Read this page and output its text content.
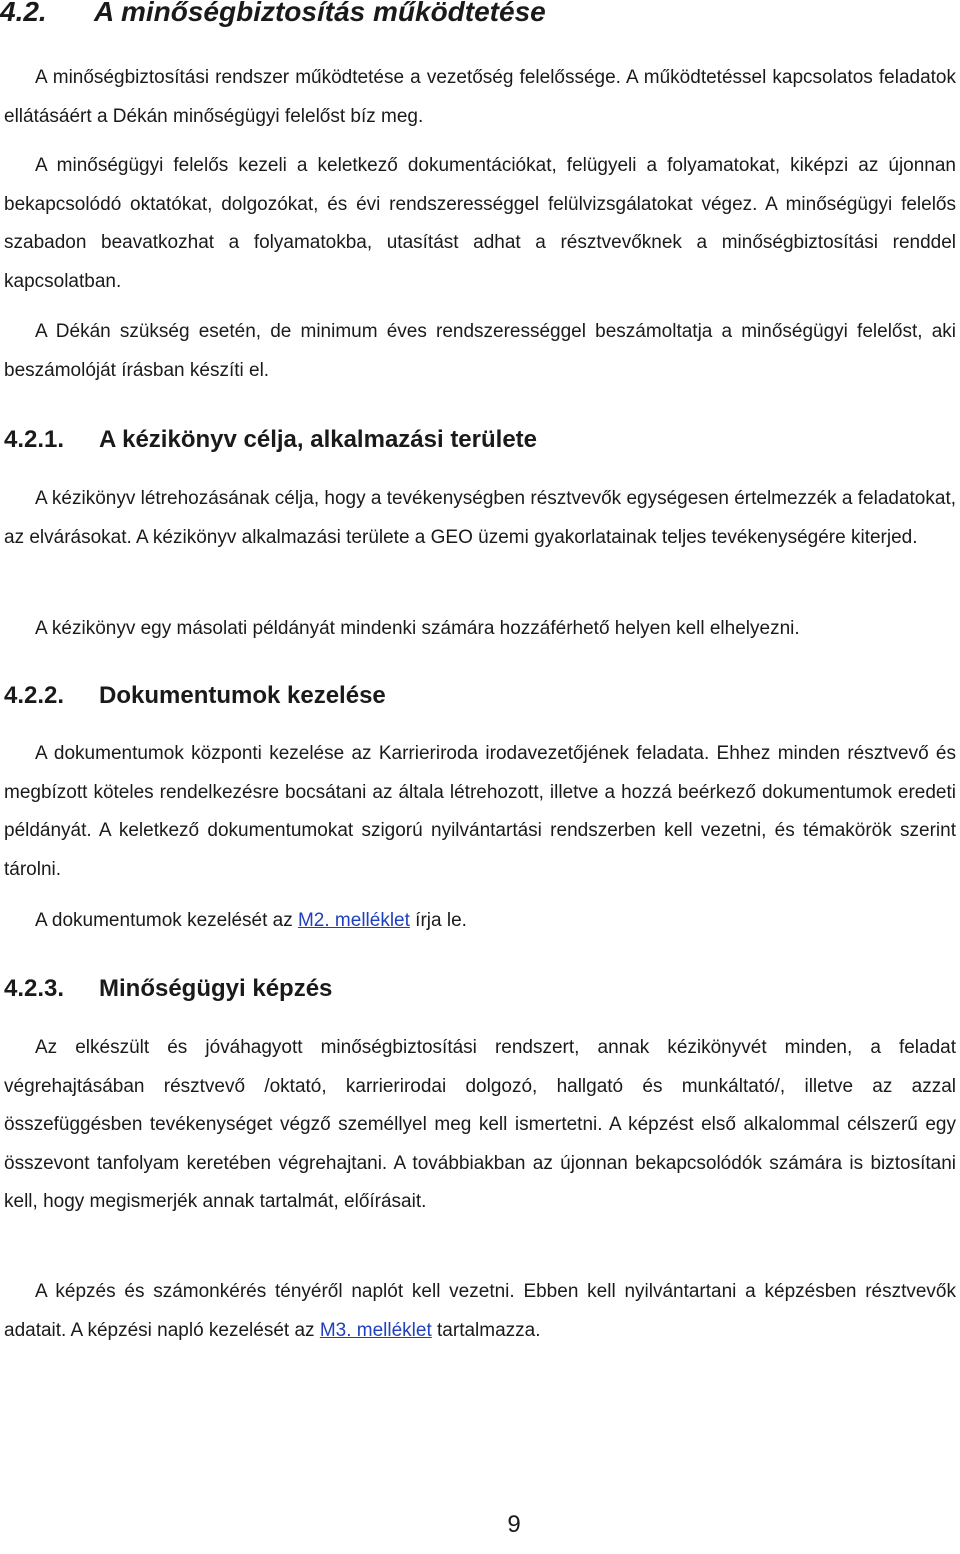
4.2. A minőségbiztosítás működtetése

A minőségbiztosítási rendszer működtetése a vezetőség felelőssége. A működtetéssel kapcsolatos feladatok ellátásáért a Dékán minőségügyi felelőst bíz meg.

A minőségügyi felelős kezeli a keletkező dokumentációkat, felügyeli a folyamatokat, kiképzi az újonnan bekapcsolódó oktatókat, dolgozókat, és évi rendszerességgel felülvizsgálatokat végez. A minőségügyi felelős szabadon beavatkozhat a folyamatokba, utasítást adhat a résztvevőknek a minőségbiztosítási renddel kapcsolatban.

A Dékán szükség esetén, de minimum éves rendszerességgel beszámoltatja a minőségügyi felelőst, aki beszámolóját írásban készíti el.

4.2.1. A kézikönyv célja, alkalmazási területe

A kézikönyv létrehozásának célja, hogy a tevékenységben résztvevők egységesen értelmezzék a feladatokat, az elvárásokat. A kézikönyv alkalmazási területe a GEO üzemi gyakorlatainak teljes tevékenységére kiterjed.

A kézikönyv egy másolati példányát mindenki számára hozzáférhető helyen kell elhelyezni.

4.2.2. Dokumentumok kezelése

A dokumentumok központi kezelése az Karrieriroda irodavezetőjének feladata. Ehhez minden résztvevő és megbízott köteles rendelkezésre bocsátani az általa létrehozott, illetve a hozzá beérkező dokumentumok eredeti példányát. A keletkező dokumentumokat szigorú nyilvántartási rendszerben kell vezetni, és témakörök szerint tárolni.

A dokumentumok kezelését az M2. melléklet írja le.

4.2.3. Minőségügyi képzés

Az elkészült és jóváhagyott minőségbiztosítási rendszert, annak kézikönyvét minden, a feladat végrehajtásában résztvevő /oktató, karrierirodai dolgozó, hallgató és munkáltató/, illetve az azzal összefüggésben tevékenységet végző személlyel meg kell ismertetni. A képzést első alkalommal célszerű egy összevont tanfolyam keretében végrehajtani. A továbbiakban az újonnan bekapcsolódók számára is biztosítani kell, hogy megismerjék annak tartalmát, előírásait.

A képzés és számonkérés tényéről naplót kell vezetni. Ebben kell nyilvántartani a képzésben résztvevők adatait. A képzési napló kezelését az M3. melléklet tartalmazza.

9
